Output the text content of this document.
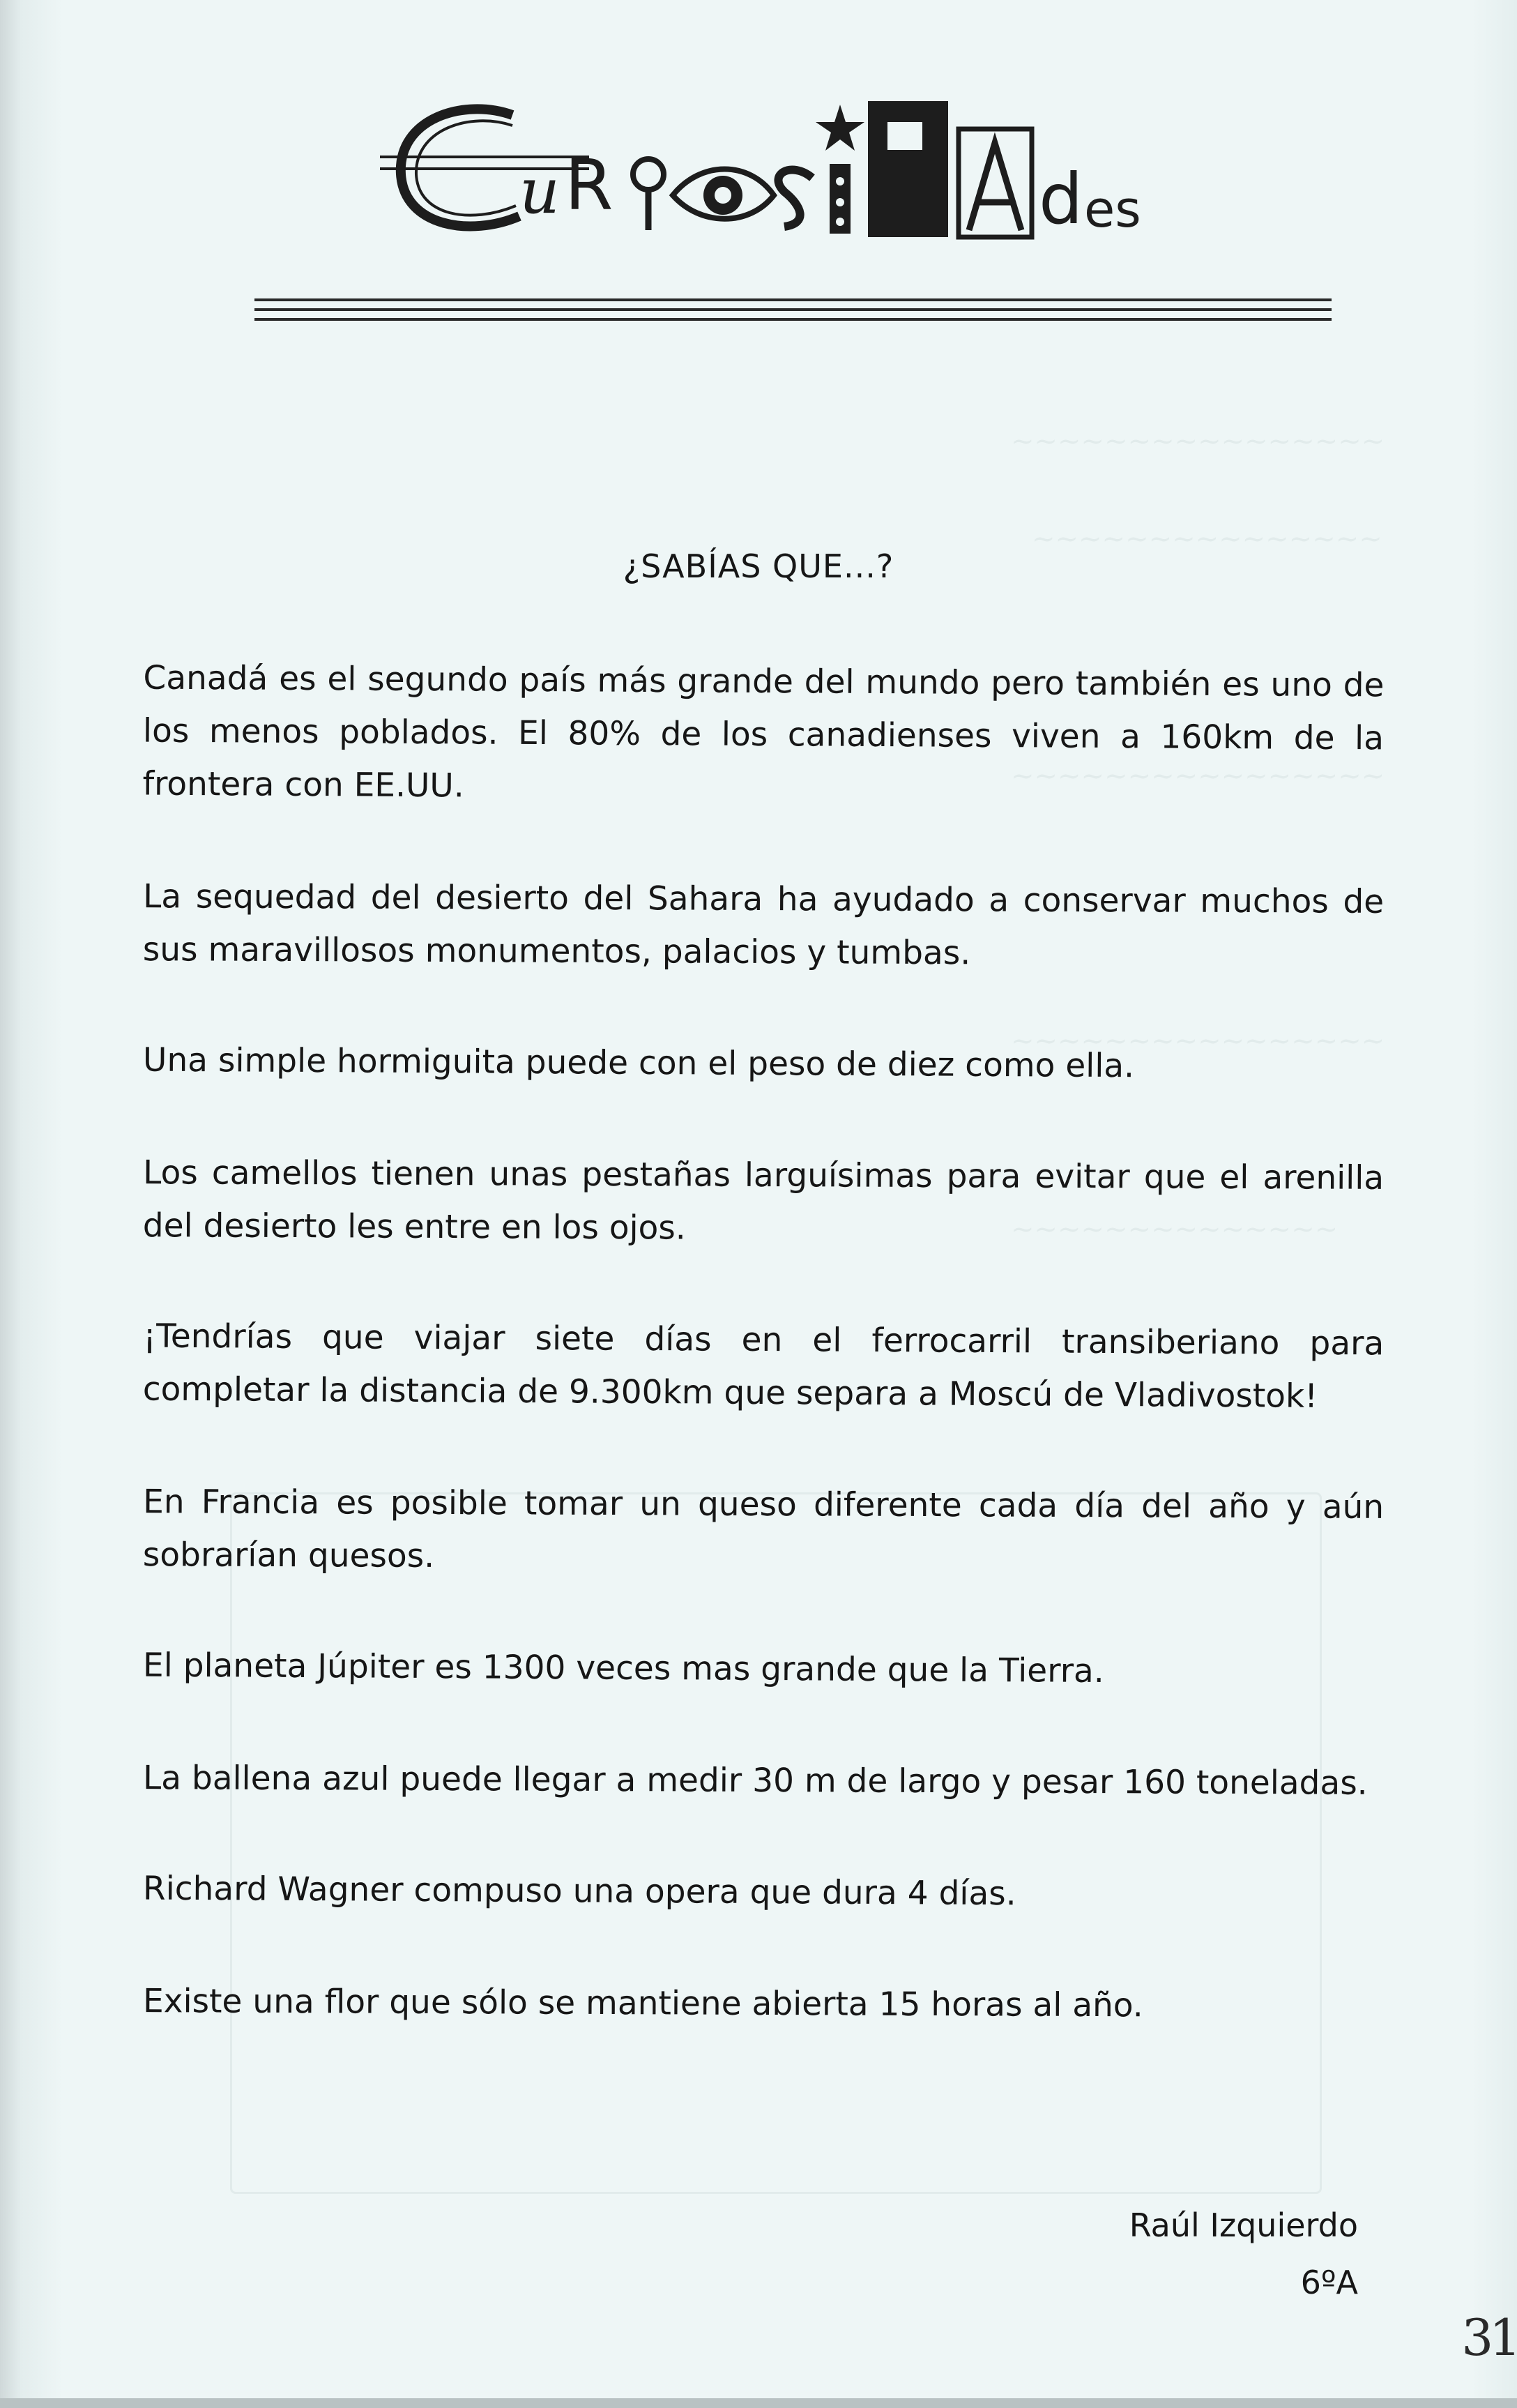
~~~~~~~~~~~~~~~~
~~~~~~~~~~~~~~~
~~~~~~~~~~~~~~~~
~~~~~~~~~~~~~~~~
~~~~~~~~~~~~~~
u R	d es
¿SABÍAS QUE...?

Canadá es el segundo país más grande del mundo pero también es uno de los menos poblados. El 80% de los canadienses viven a 160km de la frontera con EE.UU.

La sequedad del desierto del Sahara ha ayudado a conservar muchos de sus maravillosos monumentos, palacios y tumbas.

Una simple hormiguita puede con el peso de diez como ella.

Los camellos tienen unas pestañas larguísimas para evitar que el arenilla del desierto les entre en los ojos.

¡Tendrías que viajar siete días en el ferrocarril transiberiano para completar la distancia de 9.300km que separa a Moscú de Vladivostok!

En Francia es posible tomar un queso diferente cada día del año y aún sobrarían quesos.

El planeta Júpiter es 1300 veces mas grande que la Tierra.

La ballena azul puede llegar a medir 30 m de largo y pesar 160 toneladas.

Richard Wagner compuso una opera que dura 4 días.

Existe una flor que sólo se mantiene abierta 15 horas al año.

Raúl Izquierdo
6ºA
31
